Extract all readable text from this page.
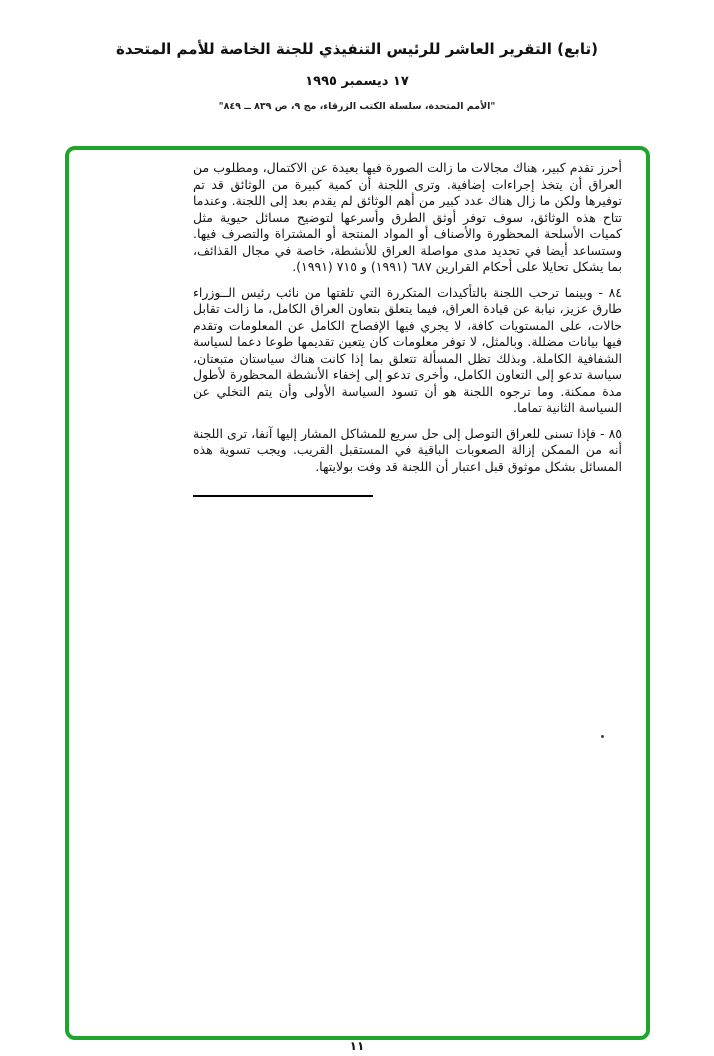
(تابع) التقرير العاشر للرئيس التنفيذي للجنة الخاصة للأمم المتحدة
١٧ ديسمبر ١٩٩٥
"الأمم المتحدة، سلسلة الكتب الزرقاء، مج ٩، ص ٨٣٩ ــ ٨٤٩"

أحرز تقدم كبير، هناك مجالات ما زالت الصورة فيها بعيدة عن الاكتمال، ومطلوب من العراق أن يتخذ إجراءات إضافية. وترى اللجنة أن كمية كبيرة من الوثائق قد تم توفيرها ولكن ما زال هناك عدد كبير من أهم الوثائق لم يقدم بعد إلى اللجنة. وعندما تتاح هذه الوثائق، سوف توفر أوثق الطرق وأسرعها لتوضيح مسائل حيوية مثل كميات الأسلحة المحظورة والأصناف أو المواد المنتجة أو المشتراة والتصرف فيها. وستساعد أيضا في تحديد مدى مواصلة العراق للأنشطة، خاصة في مجال القذائف، بما يشكل تحايلا على أحكام القرارين ٦٨٧ (١٩٩١) و ٧١٥ (١٩٩١).

٨٤ - وبينما ترحب اللجنة بالتأكيدات المتكررة التي تلقتها من نائب رئيس الــوزراء طارق عزيز، نيابة عن قيادة العراق، فيما يتعلق بتعاون العراق الكامل، ما زالت تقابل حالات، على المستويات كافة، لا يجري فيها الإفصاح الكامل عن المعلومات وتقدم فيها بيانات مضللة. وبالمثل، لا توفر معلومات كان يتعين تقديمها طوعا دعما لسياسة الشفافية الكاملة. وبذلك تظل المسألة تتعلق بما إذا كانت هناك سياستان متبعتان، سياسة تدعو إلى التعاون الكامل، وأخرى تدعو إلى إخفاء الأنشطة المحظورة لأطول مدة ممكنة. وما ترجوه اللجنة هو أن تسود السياسة الأولى وأن يتم التخلي عن السياسة الثانية تماما.

٨٥ - فإذا تسنى للعراق التوصل إلى حل سريع للمشاكل المشار إليها آنفا، ترى اللجنة أنه من الممكن إزالة الصعوبات الباقية في المستقبل القريب. ويجب تسوية هذه المسائل بشكل موثوق قبل اعتبار أن اللجنة قد وفت بولايتها.

١١
